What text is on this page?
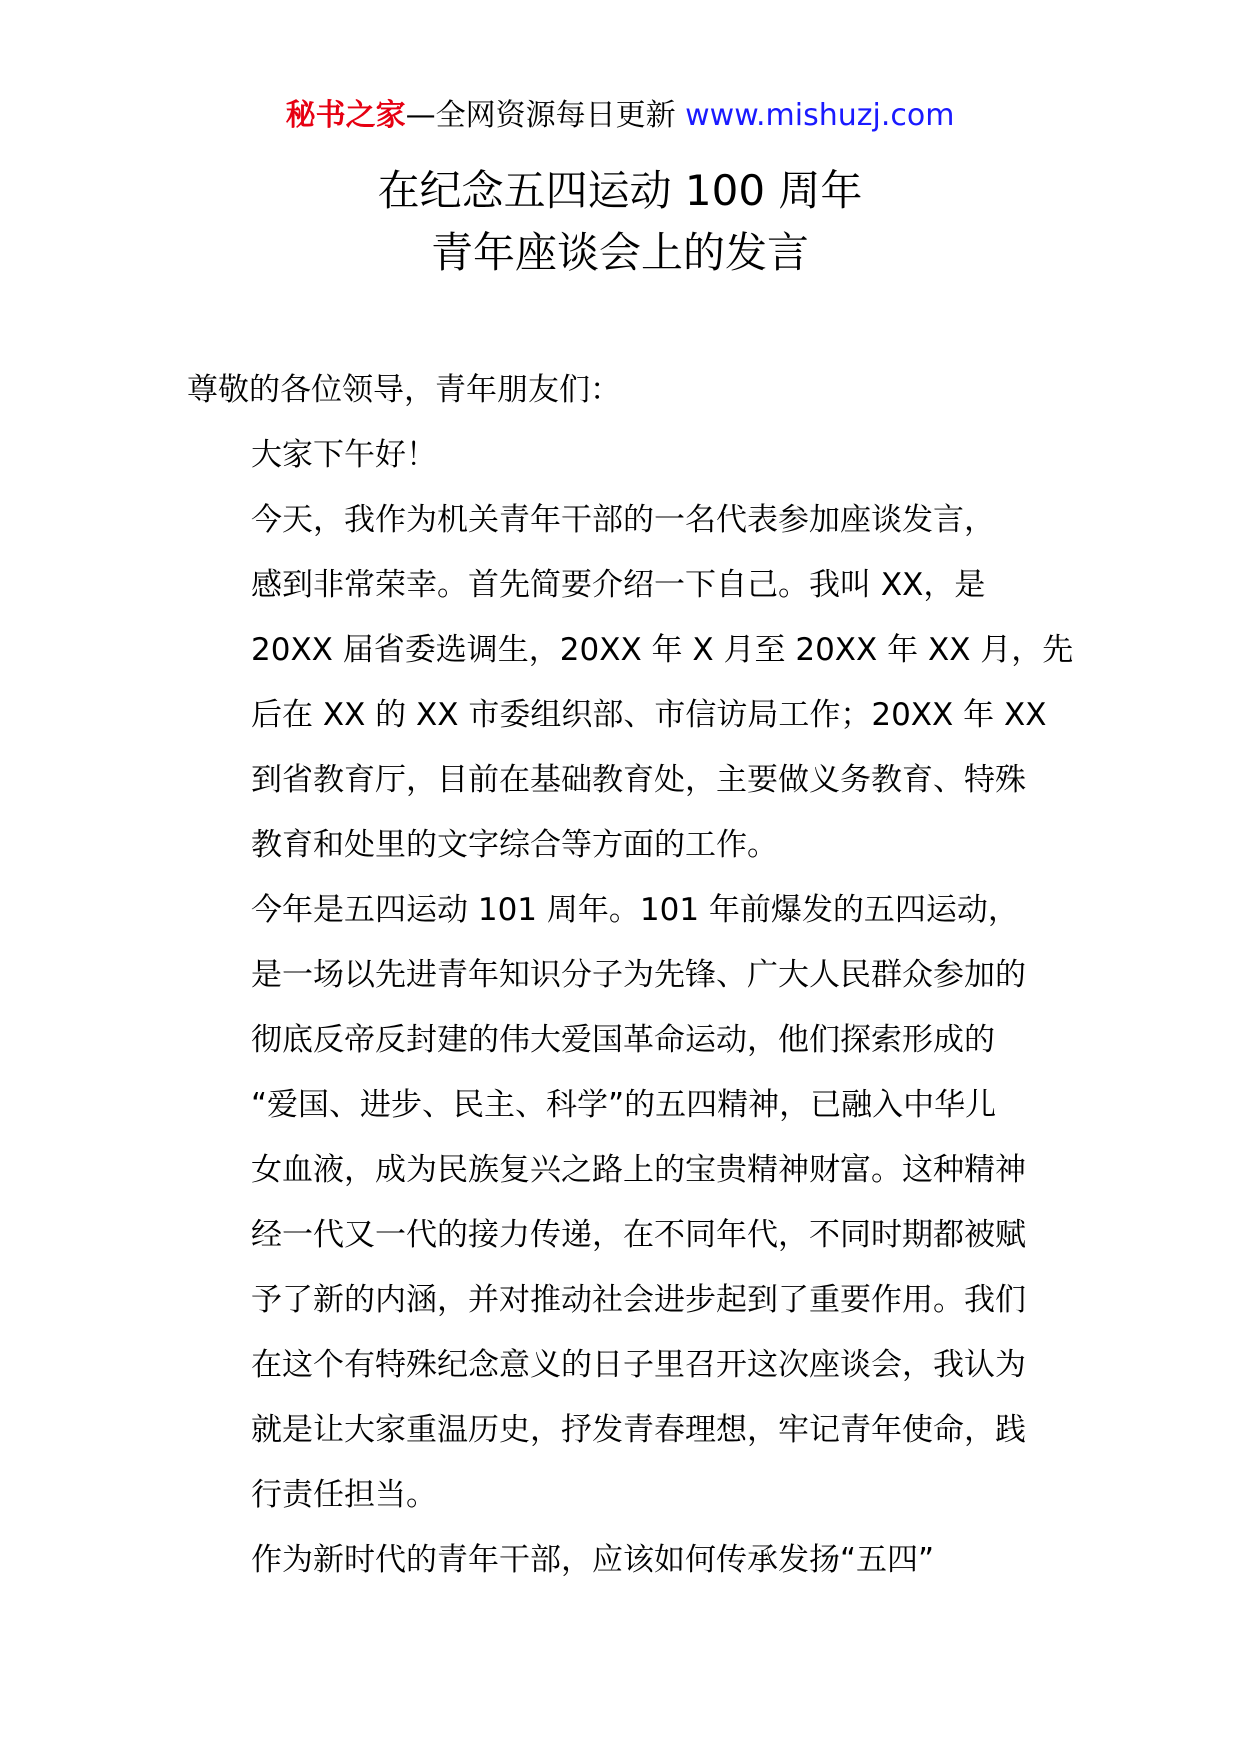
秘书之家—全网资源每日更新 www.mishuzj.com
在纪念五四运动 100 周年
青年座谈会上的发言

尊敬的各位领导，青年朋友们：

大家下午好！

今天，我作为机关青年干部的一名代表参加座谈发言，
感到非常荣幸。首先简要介绍一下自己。我叫 XX，是
20XX 届省委选调生，20XX 年 X 月至 20XX 年 XX 月，先
后在 XX 的 XX 市委组织部、市信访局工作；20XX 年 XX
到省教育厅，目前在基础教育处，主要做义务教育、特殊
教育和处里的文字综合等方面的工作。

今年是五四运动 101 周年。101 年前爆发的五四运动，
是一场以先进青年知识分子为先锋、广大人民群众参加的
彻底反帝反封建的伟大爱国革命运动，他们探索形成的
“爱国、进步、民主、科学”的五四精神，已融入中华儿
女血液，成为民族复兴之路上的宝贵精神财富。这种精神
经一代又一代的接力传递，在不同年代，不同时期都被赋
予了新的内涵，并对推动社会进步起到了重要作用。我们
在这个有特殊纪念意义的日子里召开这次座谈会，我认为
就是让大家重温历史，抒发青春理想，牢记青年使命，践
行责任担当。

作为新时代的青年干部，应该如何传承发扬“五四”
